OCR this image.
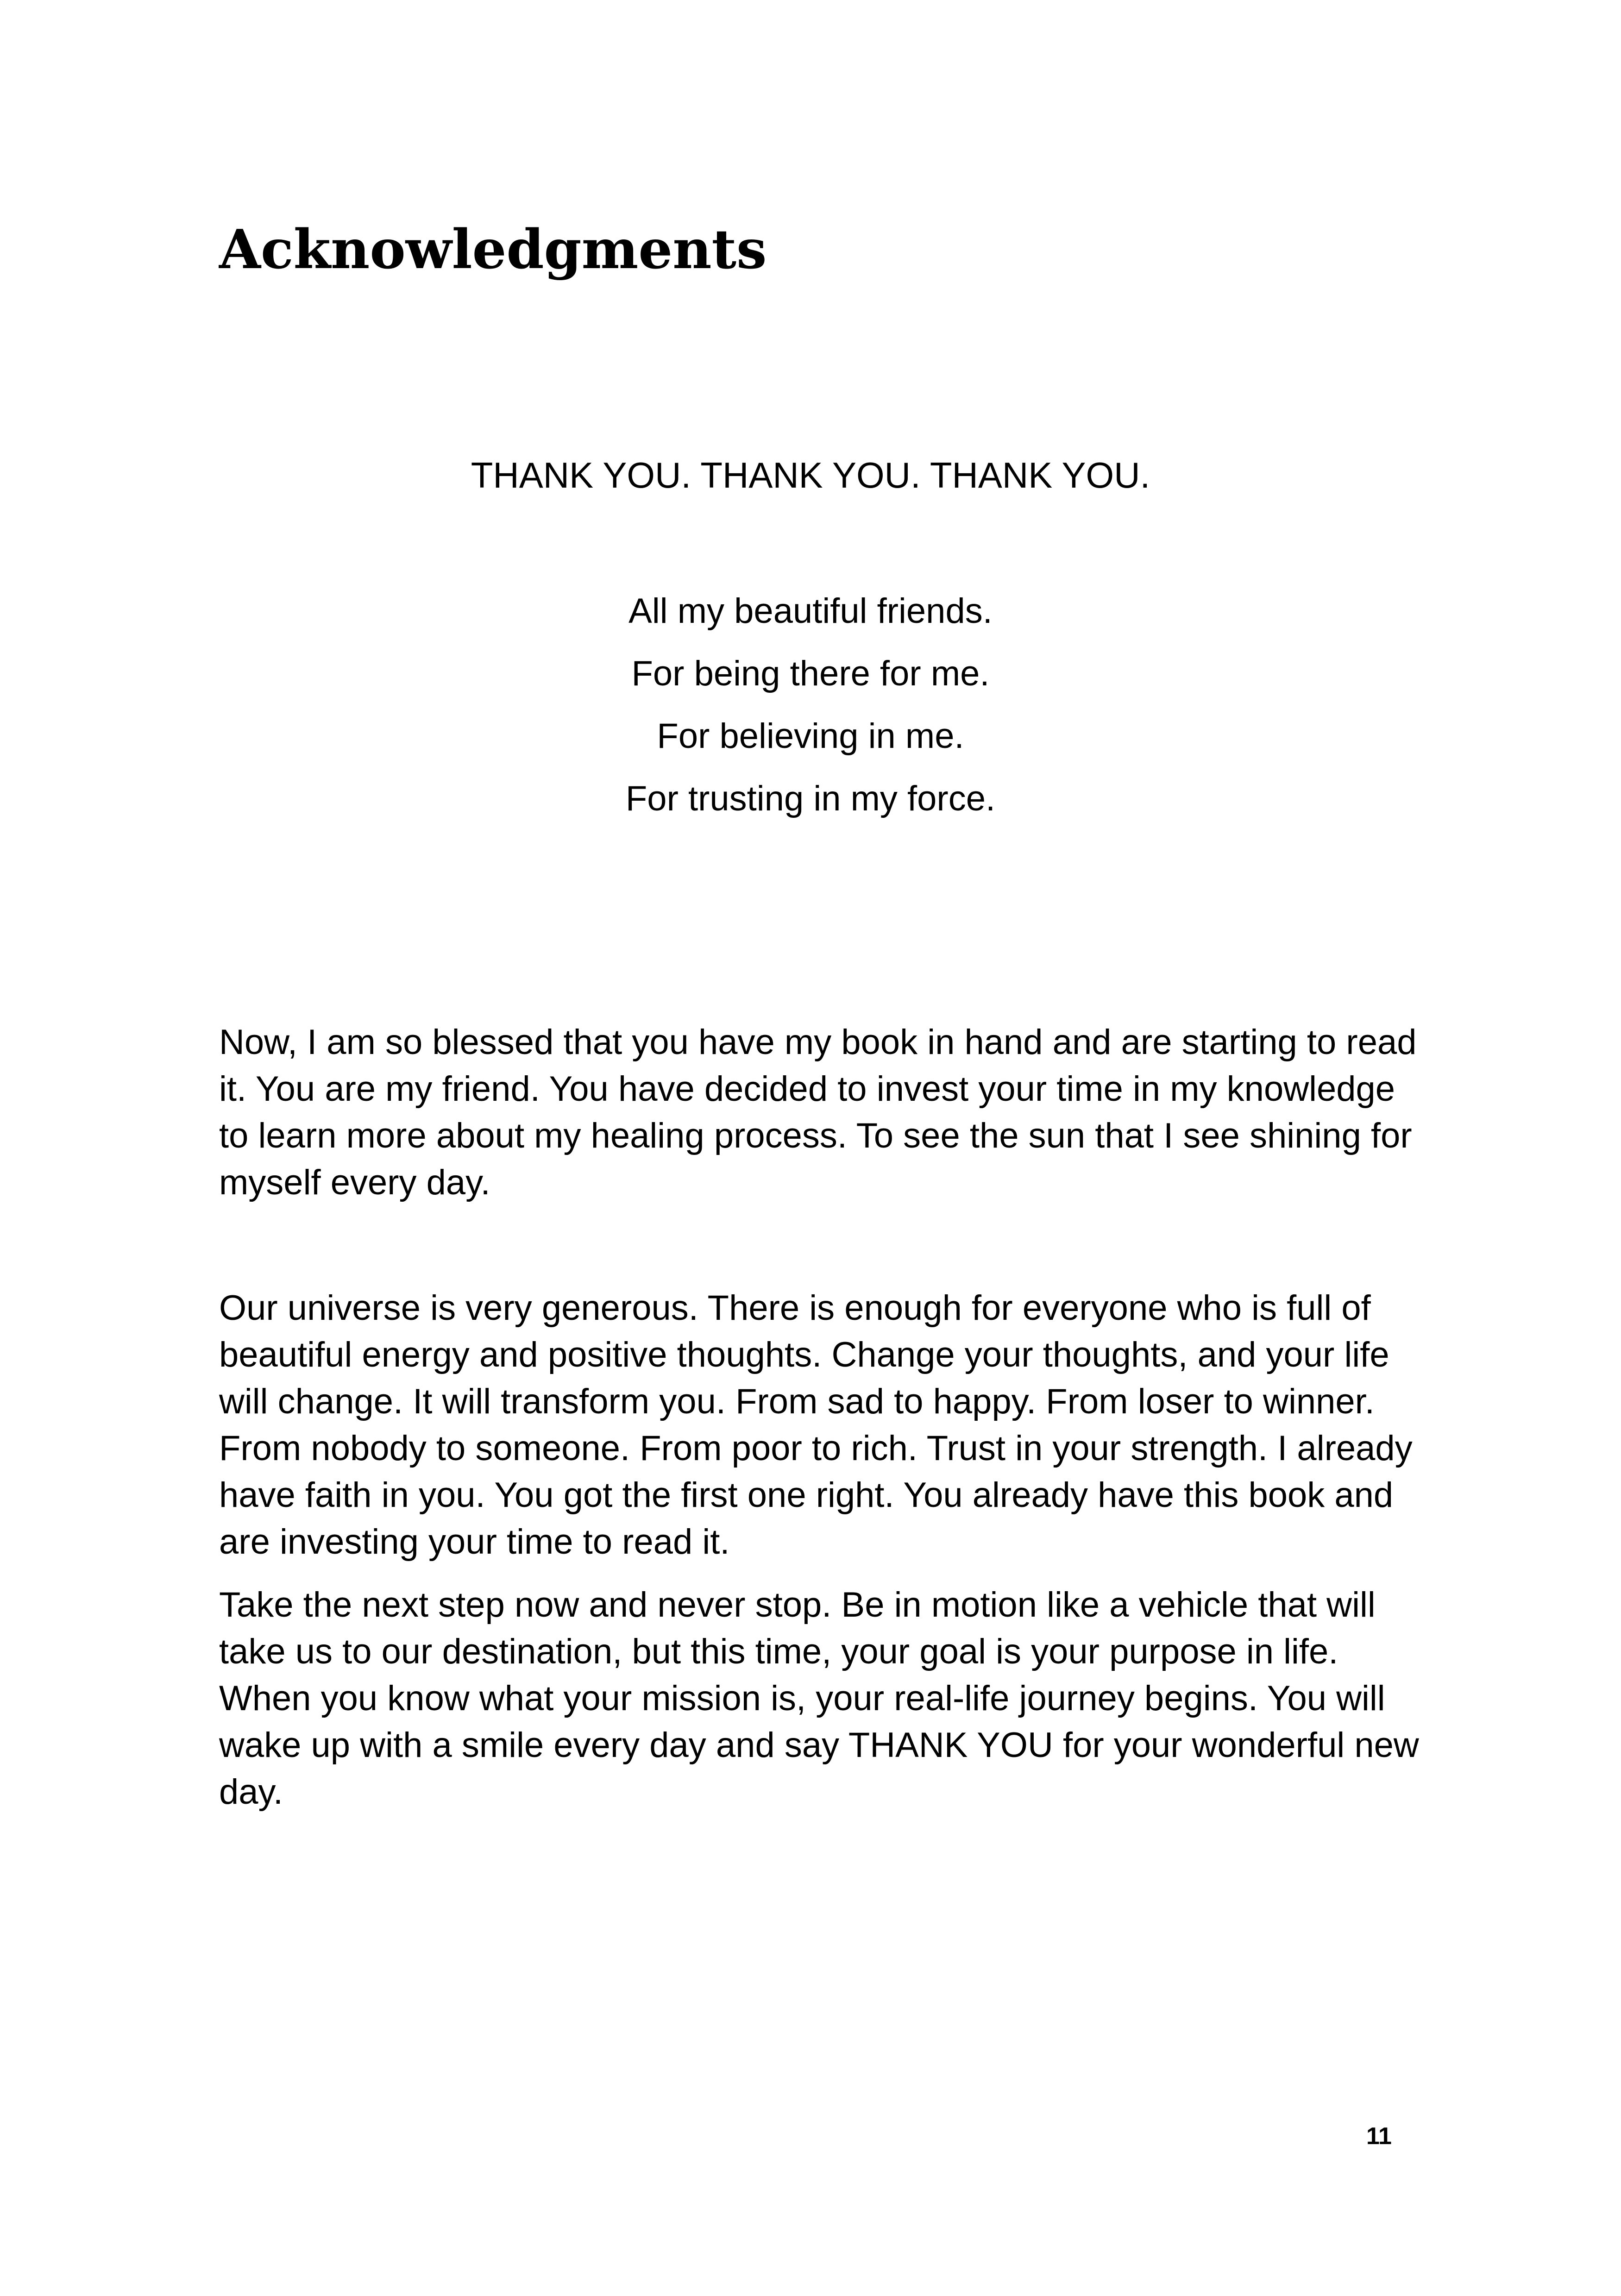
Acknowledgments
THANK YOU. THANK YOU. THANK YOU.
All my beautiful friends.
For being there for me.
For believing in me.
For trusting in my force.

Now, I am so blessed that you have my book in hand and are starting to read it. You are my friend. You have decided to invest your time in my knowledge to learn more about my healing process. To see the sun that I see shining for myself every day.

Our universe is very generous. There is enough for everyone who is full of beautiful energy and positive thoughts. Change your thoughts, and your life will change. It will transform you. From sad to happy. From loser to winner. From nobody to someone. From poor to rich. Trust in your strength. I already have faith in you. You got the first one right. You already have this book and are investing your time to read it.

Take the next step now and never stop. Be in motion like a vehicle that will take us to our destination, but this time, your goal is your purpose in life. When you know what your mission is, your real-life journey begins. You will wake up with a smile every day and say THANK YOU for your wonderful new day.

11
